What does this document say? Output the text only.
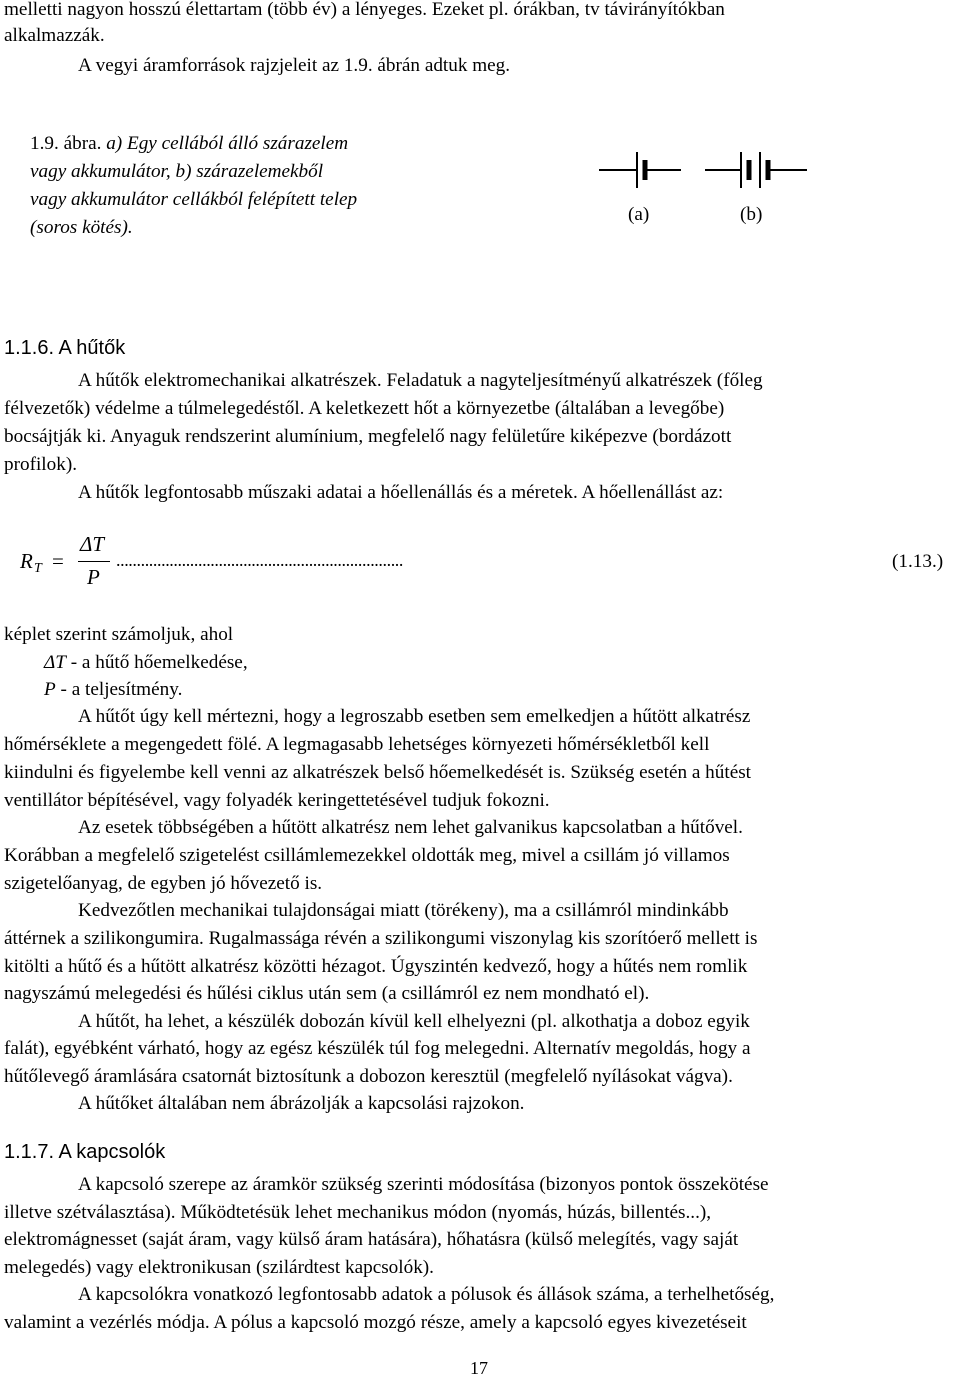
melletti nagyon hosszú élettartam (több év) a lényeges. Ezeket pl. órákban, tv távirányítókban
alkalmazzák.
A vegyi áramforrások rajzjeleit az 1.9. ábrán adtuk meg.
1.9. ábra. a) Egy cellából álló szárazelem
vagy akkumulátor, b) szárazelemekből
vagy akkumulátor cellákból felépített telep
(soros kötés).
(a)	(b)
1.1.6. A hűtők
A hűtők elektromechanikai alkatrészek. Feladatuk a nagyteljesítményű alkatrészek (főleg
félvezetők) védelme a túlmelegedéstől. A keletkezett hőt a környezetbe (általában a levegőbe)
bocsájtják ki. Anyaguk rendszerint alumínium, megfelelő nagy felületűre kiképezve (bordázott
profilok).
A hűtők legfontosabb műszaki adatai a hőellenállás és a méretek. A hőellenállást az:
R T =
ΔT
P
......................................................................	(1.13.)
képlet szerint számoljuk, ahol
ΔT - a hűtő hőemelkedése,
P - a teljesítmény.
A hűtőt úgy kell mértezni, hogy a legroszabb esetben sem emelkedjen a hűtött alkatrész
hőmérséklete a megengedett fölé. A legmagasabb lehetséges környezeti hőmérsékletből kell
kiindulni és figyelembe kell venni az alkatrészek belső hőemelkedését is. Szükség esetén a hűtést
ventillátor bépítésével, vagy folyadék keringettetésével tudjuk fokozni.
Az esetek többségében a hűtött alkatrész nem lehet galvanikus kapcsolatban a hűtővel.
Korábban a megfelelő szigetelést csillámlemezekkel oldották meg, mivel a csillám jó villamos
szigetelőanyag, de egyben jó hővezető is.
Kedvezőtlen mechanikai tulajdonságai miatt (törékeny), ma a csillámról mindinkább
áttérnek a szilikongumira. Rugalmassága révén a szilikongumi viszonylag kis szorítóerő mellett is
kitölti a hűtő és a hűtött alkatrész közötti hézagot. Úgyszintén kedvező, hogy a hűtés nem romlik
nagyszámú melegedési és hűlési ciklus után sem (a csillámról ez nem mondható el).
A hűtőt, ha lehet, a készülék dobozán kívül kell elhelyezni (pl. alkothatja a doboz egyik
falát), egyébként várható, hogy az egész készülék túl fog melegedni. Alternatív megoldás, hogy a
hűtőlevegő áramlására csatornát biztosítunk a dobozon keresztül (megfelelő nyílásokat vágva).
A hűtőket általában nem ábrázolják a kapcsolási rajzokon.
1.1.7. A kapcsolók
A kapcsoló szerepe az áramkör szükség szerinti módosítása (bizonyos pontok összekötése
illetve szétválasztása). Működtetésük lehet mechanikus módon (nyomás, húzás, billentés...),
elektromágnesset (saját áram, vagy külső áram hatására), hőhatásra (külső melegítés, vagy saját
melegedés) vagy elektronikusan (szilárdtest kapcsolók).
A kapcsolókra vonatkozó legfontosabb adatok a pólusok és állások száma, a terhelhetőség,
valamint a vezérlés módja. A pólus a kapcsoló mozgó része, amely a kapcsoló egyes kivezetéseit
17
